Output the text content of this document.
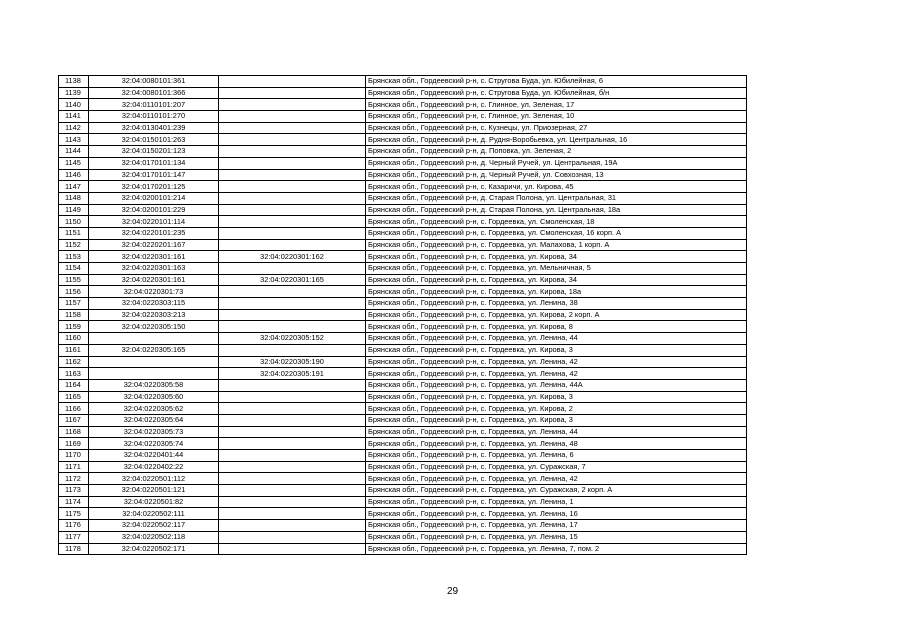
1138	32:04:0080101:361		Брянская обл., Гордеевский р-н, с. Стругова Буда, ул. Юбилейная, 6
1139	32:04:0080101:366		Брянская обл., Гордеевский р-н, с. Стругова Буда, ул. Юбилейная, б/н
1140	32:04:0110101:207		Брянская обл., Гордеевский р-н, с. Глинное, ул. Зеленая, 17
1141	32:04:0110101:270		Брянская обл., Гордеевский р-н, с. Глинное, ул. Зеленая, 10
1142	32:04:0130401:239		Брянская обл., Гордеевский р-н, с. Кузнецы, ул. Приозерная, 27
1143	32:04:0150101:263		Брянская обл., Гордеевский р-н, д. Рудня-Воробьевка, ул. Центральная, 16
1144	32:04:0150201:123		Брянская обл., Гордеевский р-н, д. Поповка, ул. Зеленая, 2
1145	32:04:0170101:134		Брянская обл., Гордеевский р-н, д. Черный Ручей, ул. Центральная, 19А
1146	32:04:0170101:147		Брянская обл., Гордеевский р-н, д. Черный Ручей, ул. Совхозная, 13
1147	32:04:0170201:125		Брянская обл., Гордеевский р-н, с. Казаричи, ул. Кирова, 45
1148	32:04:0200101:214		Брянская обл., Гордеевский р-н, д. Старая Полона, ул. Центральная, 31
1149	32:04:0200101:229		Брянская обл., Гордеевский р-н, д. Старая Полона, ул. Центральная, 18а
1150	32:04:0220101:114		Брянская обл., Гордеевский р-н, с. Гордеевка, ул. Смоленская, 18
1151	32:04:0220101:235		Брянская обл., Гордеевский р-н, с. Гордеевка, ул. Смоленская, 16 корп. А
1152	32:04:0220201:167		Брянская обл., Гордеевский р-н, с. Гордеевка, ул. Малахова, 1 корп. А
1153	32:04:0220301:161	32:04:0220301:162	Брянская обл., Гордеевский р-н, с. Гордеевка, ул. Кирова, 34
1154	32:04:0220301:163		Брянская обл., Гордеевский р-н, с. Гордеевка, ул. Мельничная, 5
1155	32:04:0220301:161	32:04:0220301:165	Брянская обл., Гордеевский р-н, с. Гордеевка, ул. Кирова, 34
1156	32:04:0220301:73		Брянская обл., Гордеевский р-н, с. Гордеевка, ул. Кирова, 18а
1157	32:04:0220303:115		Брянская обл., Гордеевский р-н, с. Гордеевка, ул. Ленина, 38
1158	32:04:0220303:213		Брянская обл., Гордеевский р-н, с. Гордеевка, ул. Кирова, 2 корп. А
1159	32:04:0220305:150		Брянская обл., Гордеевский р-н, с. Гордеевка, ул. Кирова, 8
1160		32:04:0220305:152	Брянская обл., Гордеевский р-н, с. Гордеевка, ул. Ленина, 44
1161	32:04:0220305:165		Брянская обл., Гордеевский р-н, с. Гордеевка, ул. Кирова, 3
1162		32:04:0220305:190	Брянская обл., Гордеевский р-н, с. Гордеевка, ул. Ленина, 42
1163		32:04:0220305:191	Брянская обл., Гордеевский р-н, с. Гордеевка, ул. Ленина, 42
1164	32:04:0220305:58		Брянская обл., Гордеевский р-н, с. Гордеевка, ул. Ленина, 44А
1165	32:04:0220305:60		Брянская обл., Гордеевский р-н, с. Гордеевка, ул. Кирова, 3
1166	32:04:0220305:62		Брянская обл., Гордеевский р-н, с. Гордеевка, ул. Кирова, 2
1167	32:04:0220305:64		Брянская обл., Гордеевский р-н, с. Гордеевка, ул. Кирова, 3
1168	32:04:0220305:73		Брянская обл., Гордеевский р-н, с. Гордеевка, ул. Ленина, 44
1169	32:04:0220305:74		Брянская обл., Гордеевский р-н, с. Гордеевка, ул. Ленина, 48
1170	32:04:0220401:44		Брянская обл., Гордеевский р-н, с. Гордеевка, ул. Ленина, 6
1171	32:04:0220402:22		Брянская обл., Гордеевский р-н, с. Гордеевка, ул. Суражская, 7
1172	32:04:0220501:112		Брянская обл., Гордеевский р-н, с. Гордеевка, ул. Ленина, 42
1173	32:04:0220501:121		Брянская обл., Гордеевский р-н, с. Гордеевка, ул. Суражская, 2 корп. А
1174	32:04:0220501:82		Брянская обл., Гордеевский р-н, с. Гордеевка, ул. Ленина, 1
1175	32:04:0220502:111		Брянская обл., Гордеевский р-н, с. Гордеевка, ул. Ленина, 16
1176	32:04:0220502:117		Брянская обл., Гордеевский р-н, с. Гордеевка, ул. Ленина, 17
1177	32:04:0220502:118		Брянская обл., Гордеевский р-н, с. Гордеевка, ул. Ленина, 15
1178	32:04:0220502:171		Брянская обл., Гордеевский р-н, с. Гордеевка, ул. Ленина, 7, пом. 2
29
